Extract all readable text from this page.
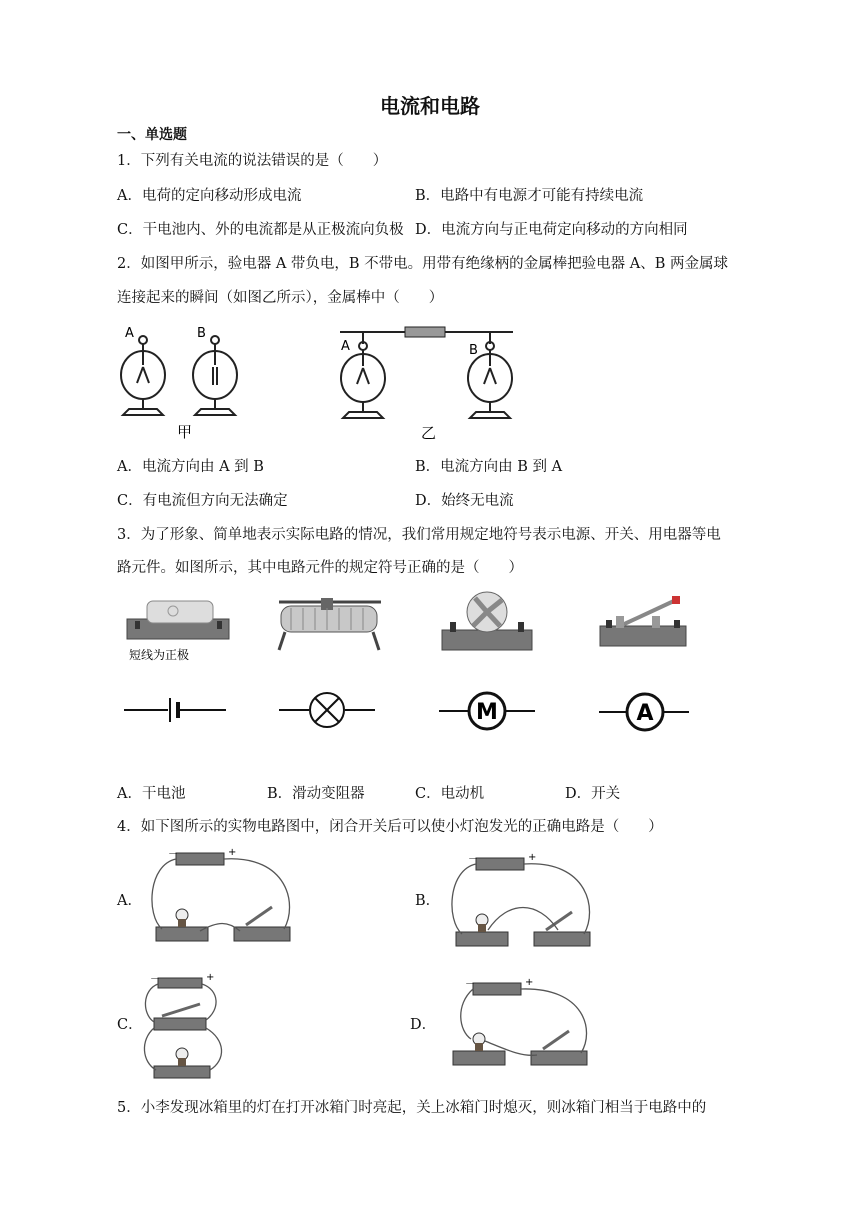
电流和电路
一、单选题
1．下列有关电流的说法错误的是（　　）
A．电荷的定向移动形成电流	B．电路中有电源才可能有持续电流
C．干电池内、外的电流都是从正极流向负极 D．电流方向与正电荷定向移动的方向相同
2．如图甲所示，验电器 A 带负电，B 不带电。用带有绝缘柄的金属棒把验电器 A、B 两金属球
连接起来的瞬间（如图乙所示），金属棒中（　　）
A	B
甲
A	B
乙
A．电流方向由 A 到 B	B．电流方向由 B 到 A
C．有电流但方向无法确定	D．始终无电流
3．为了形象、简单地表示实际电路的情况，我们常用规定地符号表示电源、开关、用电器等电
路元件。如图所示，其中电路元件的规定符号正确的是（　　）
短线为正极
M	A
A．干电池	B．滑动变阻器	C．电动机	D．开关
4．如下图所示的实物电路图中，闭合开关后可以使小灯泡发光的正确电路是（　　）
A．
－	+
B．
－	+
C．
－	+
D．
－	+
5．小李发现冰箱里的灯在打开冰箱门时亮起，关上冰箱门时熄灭，则冰箱门相当于电路中的
